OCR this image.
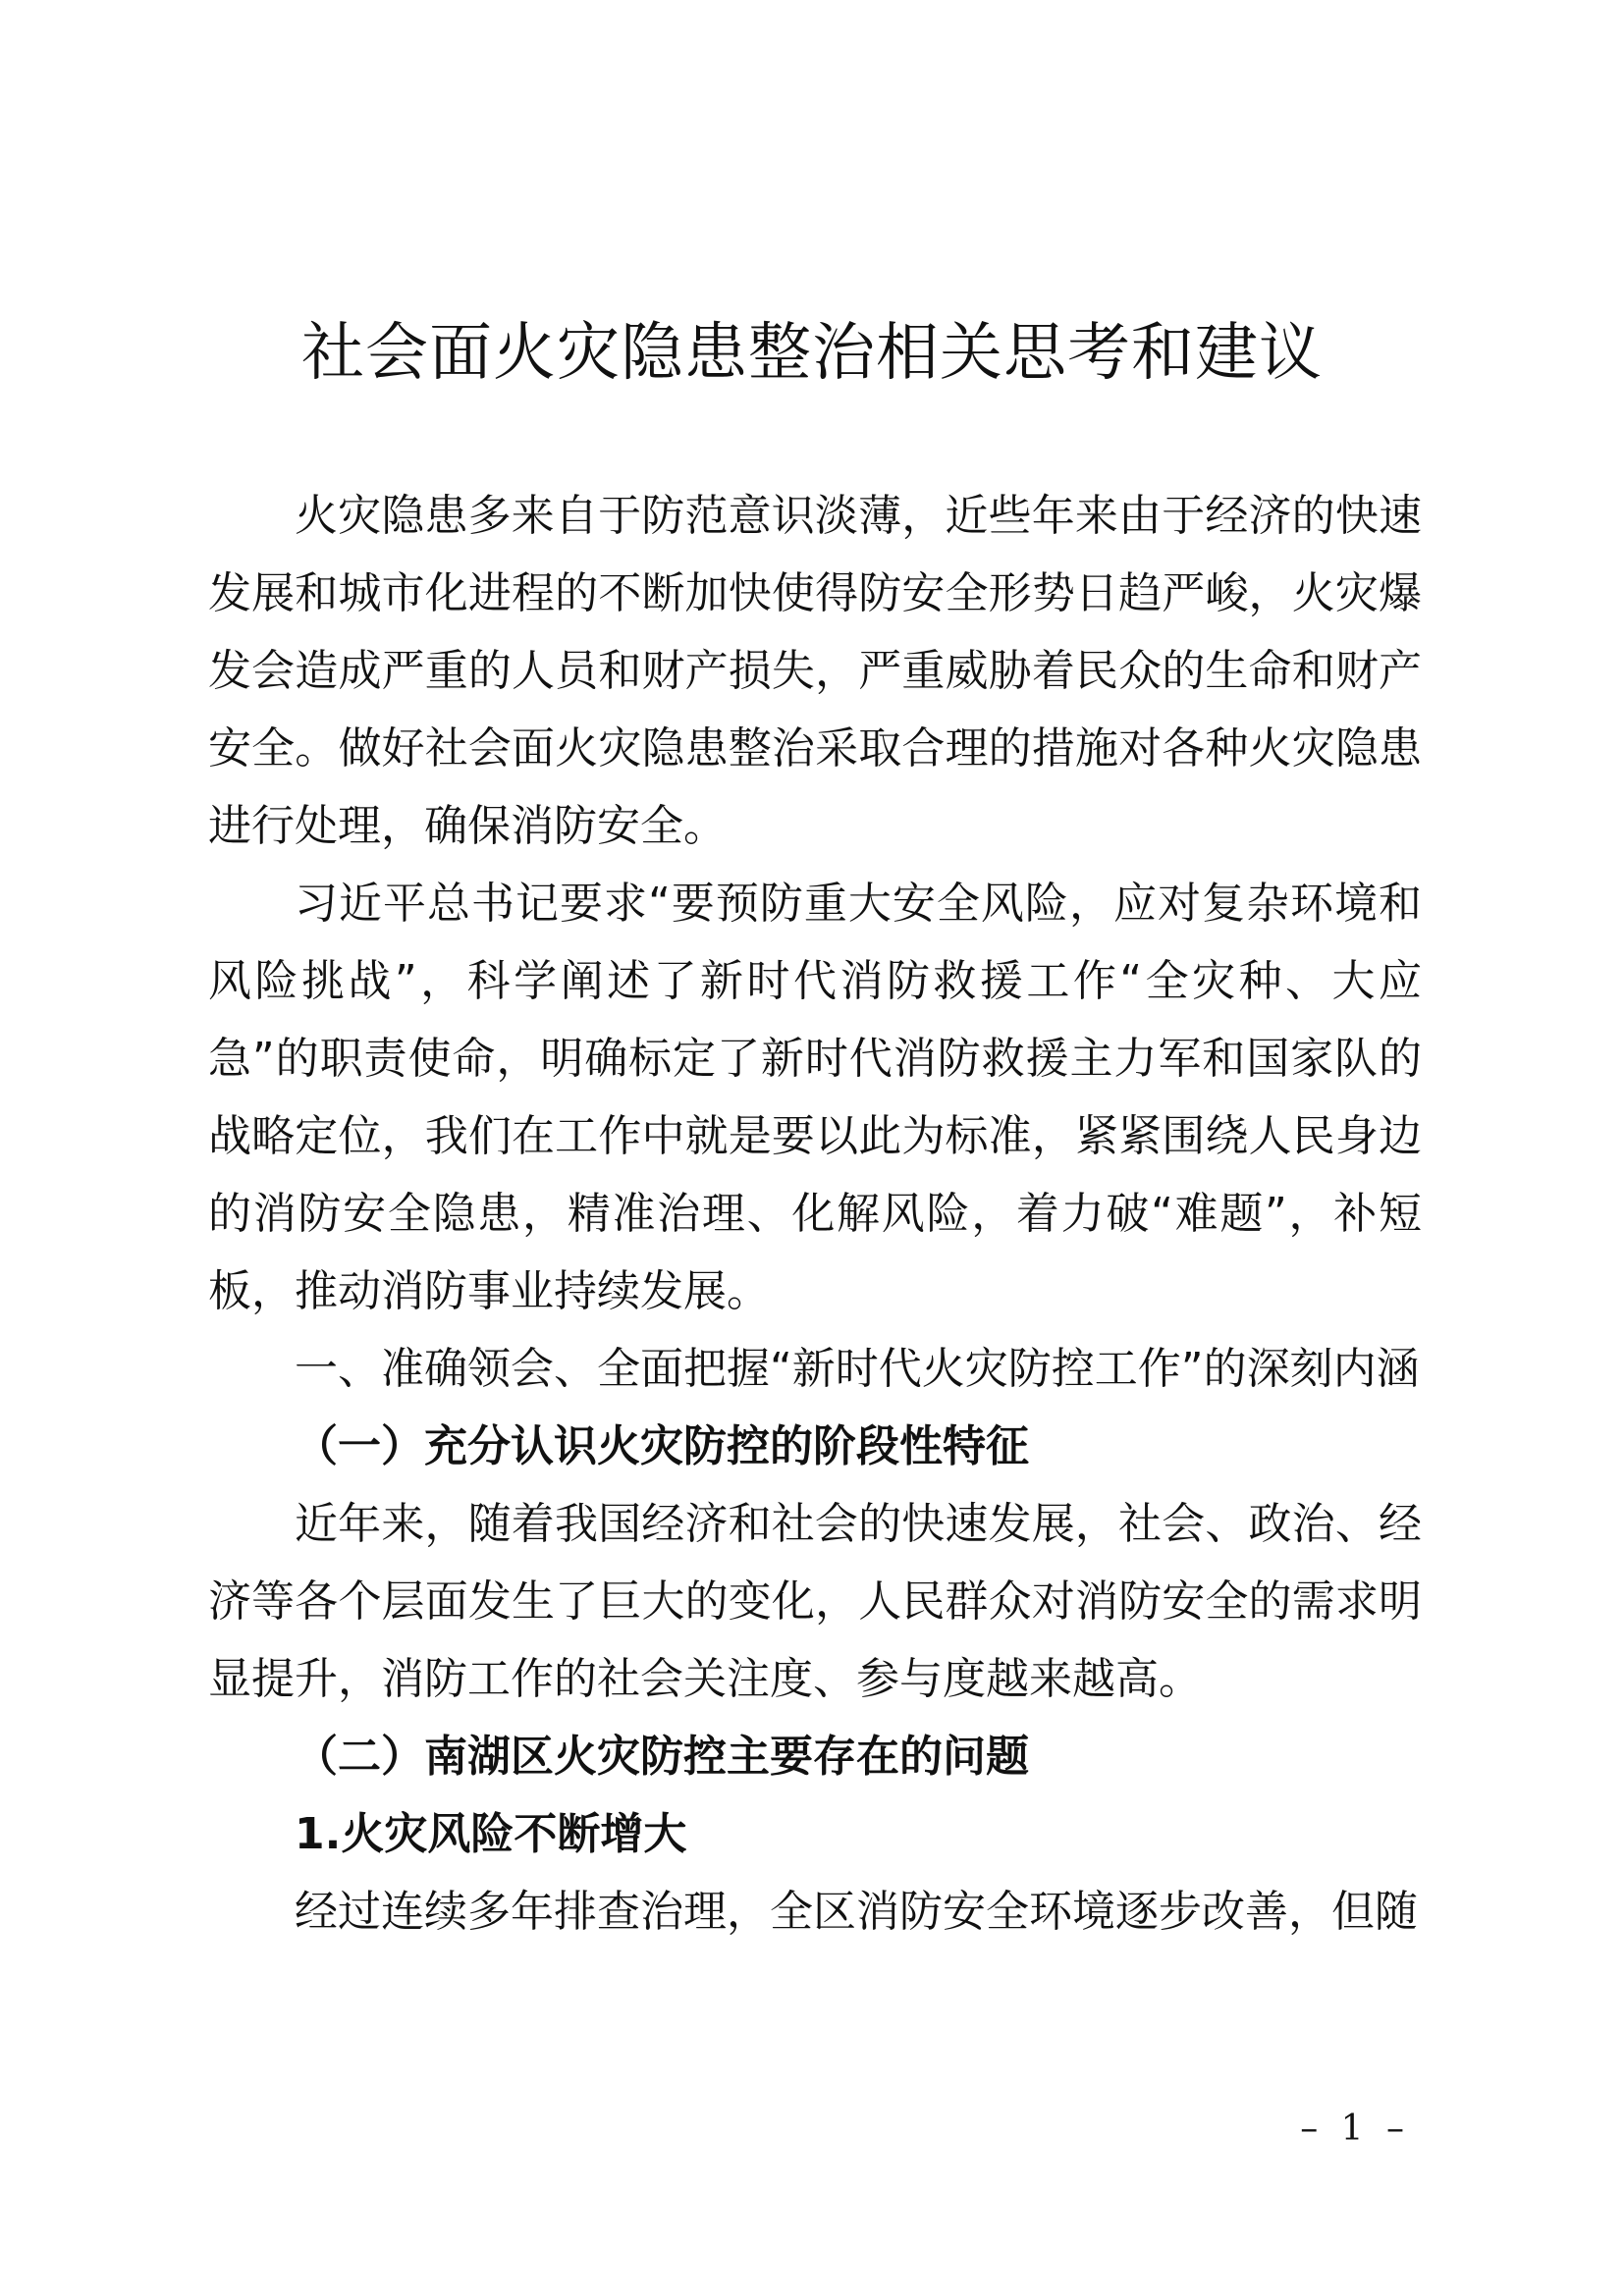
社会面火灾隐患整治相关思考和建议

火灾隐患多来自于防范意识淡薄，近些年来由于经济的快速发展和城市化进程的不断加快使得防安全形势日趋严峻，火灾爆发会造成严重的人员和财产损失，严重威胁着民众的生命和财产安全。做好社会面火灾隐患整治采取合理的措施对各种火灾隐患进行处理，确保消防安全。

习近平总书记要求“要预防重大安全风险，应对复杂环境和风险挑战”，科学阐述了新时代消防救援工作“全灾种、大应急”的职责使命，明确标定了新时代消防救援主力军和国家队的战略定位，我们在工作中就是要以此为标准，紧紧围绕人民身边的消防安全隐患，精准治理、化解风险，着力破“难题”，补短板，推动消防事业持续发展。

一、准确领会、全面把握“新时代火灾防控工作”的深刻内涵

（一）充分认识火灾防控的阶段性特征

近年来，随着我国经济和社会的快速发展，社会、政治、经济等各个层面发生了巨大的变化，人民群众对消防安全的需求明显提升，消防工作的社会关注度、参与度越来越高。

（二）南湖区火灾防控主要存在的问题

1.火灾风险不断增大

经过连续多年排查治理，全区消防安全环境逐步改善，但随

– 1 –
